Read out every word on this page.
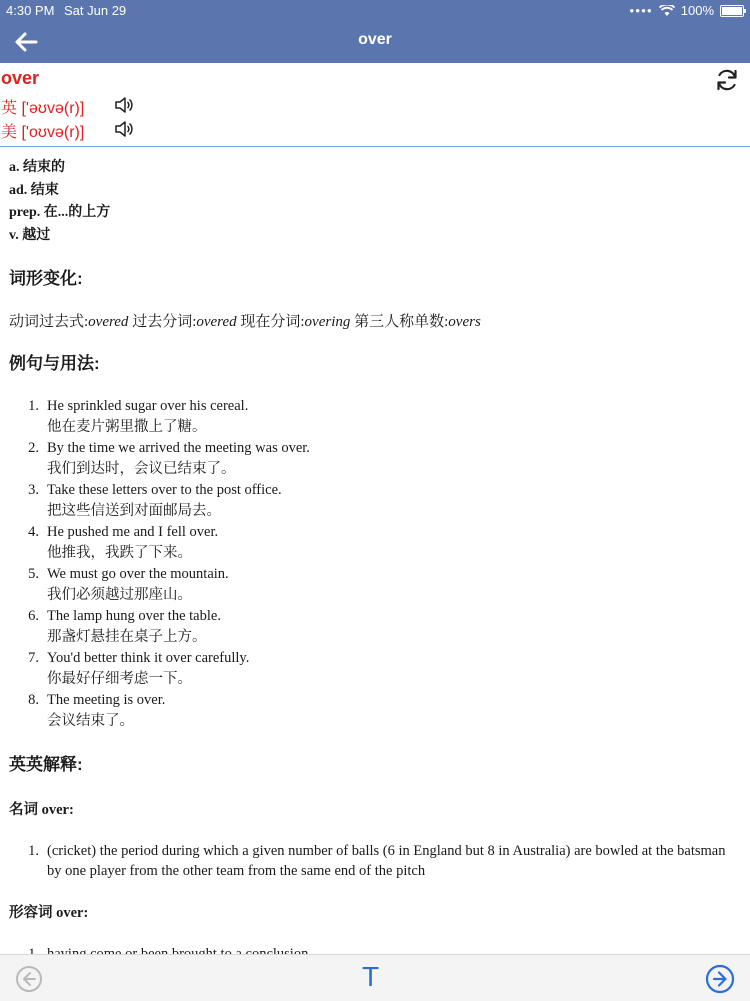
4:30 PM Sat Jun 29	●●●● 100%
over
over
英 ['əʊvə(r)]
美 ['oʊvə(r)]
a. 结束的
ad. 结束
prep. 在...的上方
v. 越过
词形变化:
动词过去式:overed 过去分词:overed 现在分词:overing 第三人称单数:overs
例句与用法:
1. He sprinkled sugar over his cereal.
他在麦片粥里撒上了糖。
2. By the time we arrived the meeting was over.
我们到达时，会议已结束了。
3. Take these letters over to the post office.
把这些信送到对面邮局去。
4. He pushed me and I fell over.
他推我，我跌了下来。
5. We must go over the mountain.
我们必须越过那座山。
6. The lamp hung over the table.
那盏灯悬挂在桌子上方。
7. You'd better think it over carefully.
你最好仔细考虑一下。
8. The meeting is over.
会议结束了。
英英解释:
名词 over:
1. (cricket) the period during which a given number of balls (6 in England but 8 in Australia) are bowled at the batsman by one player from the other team from the same end of the pitch
形容词 over:
T
